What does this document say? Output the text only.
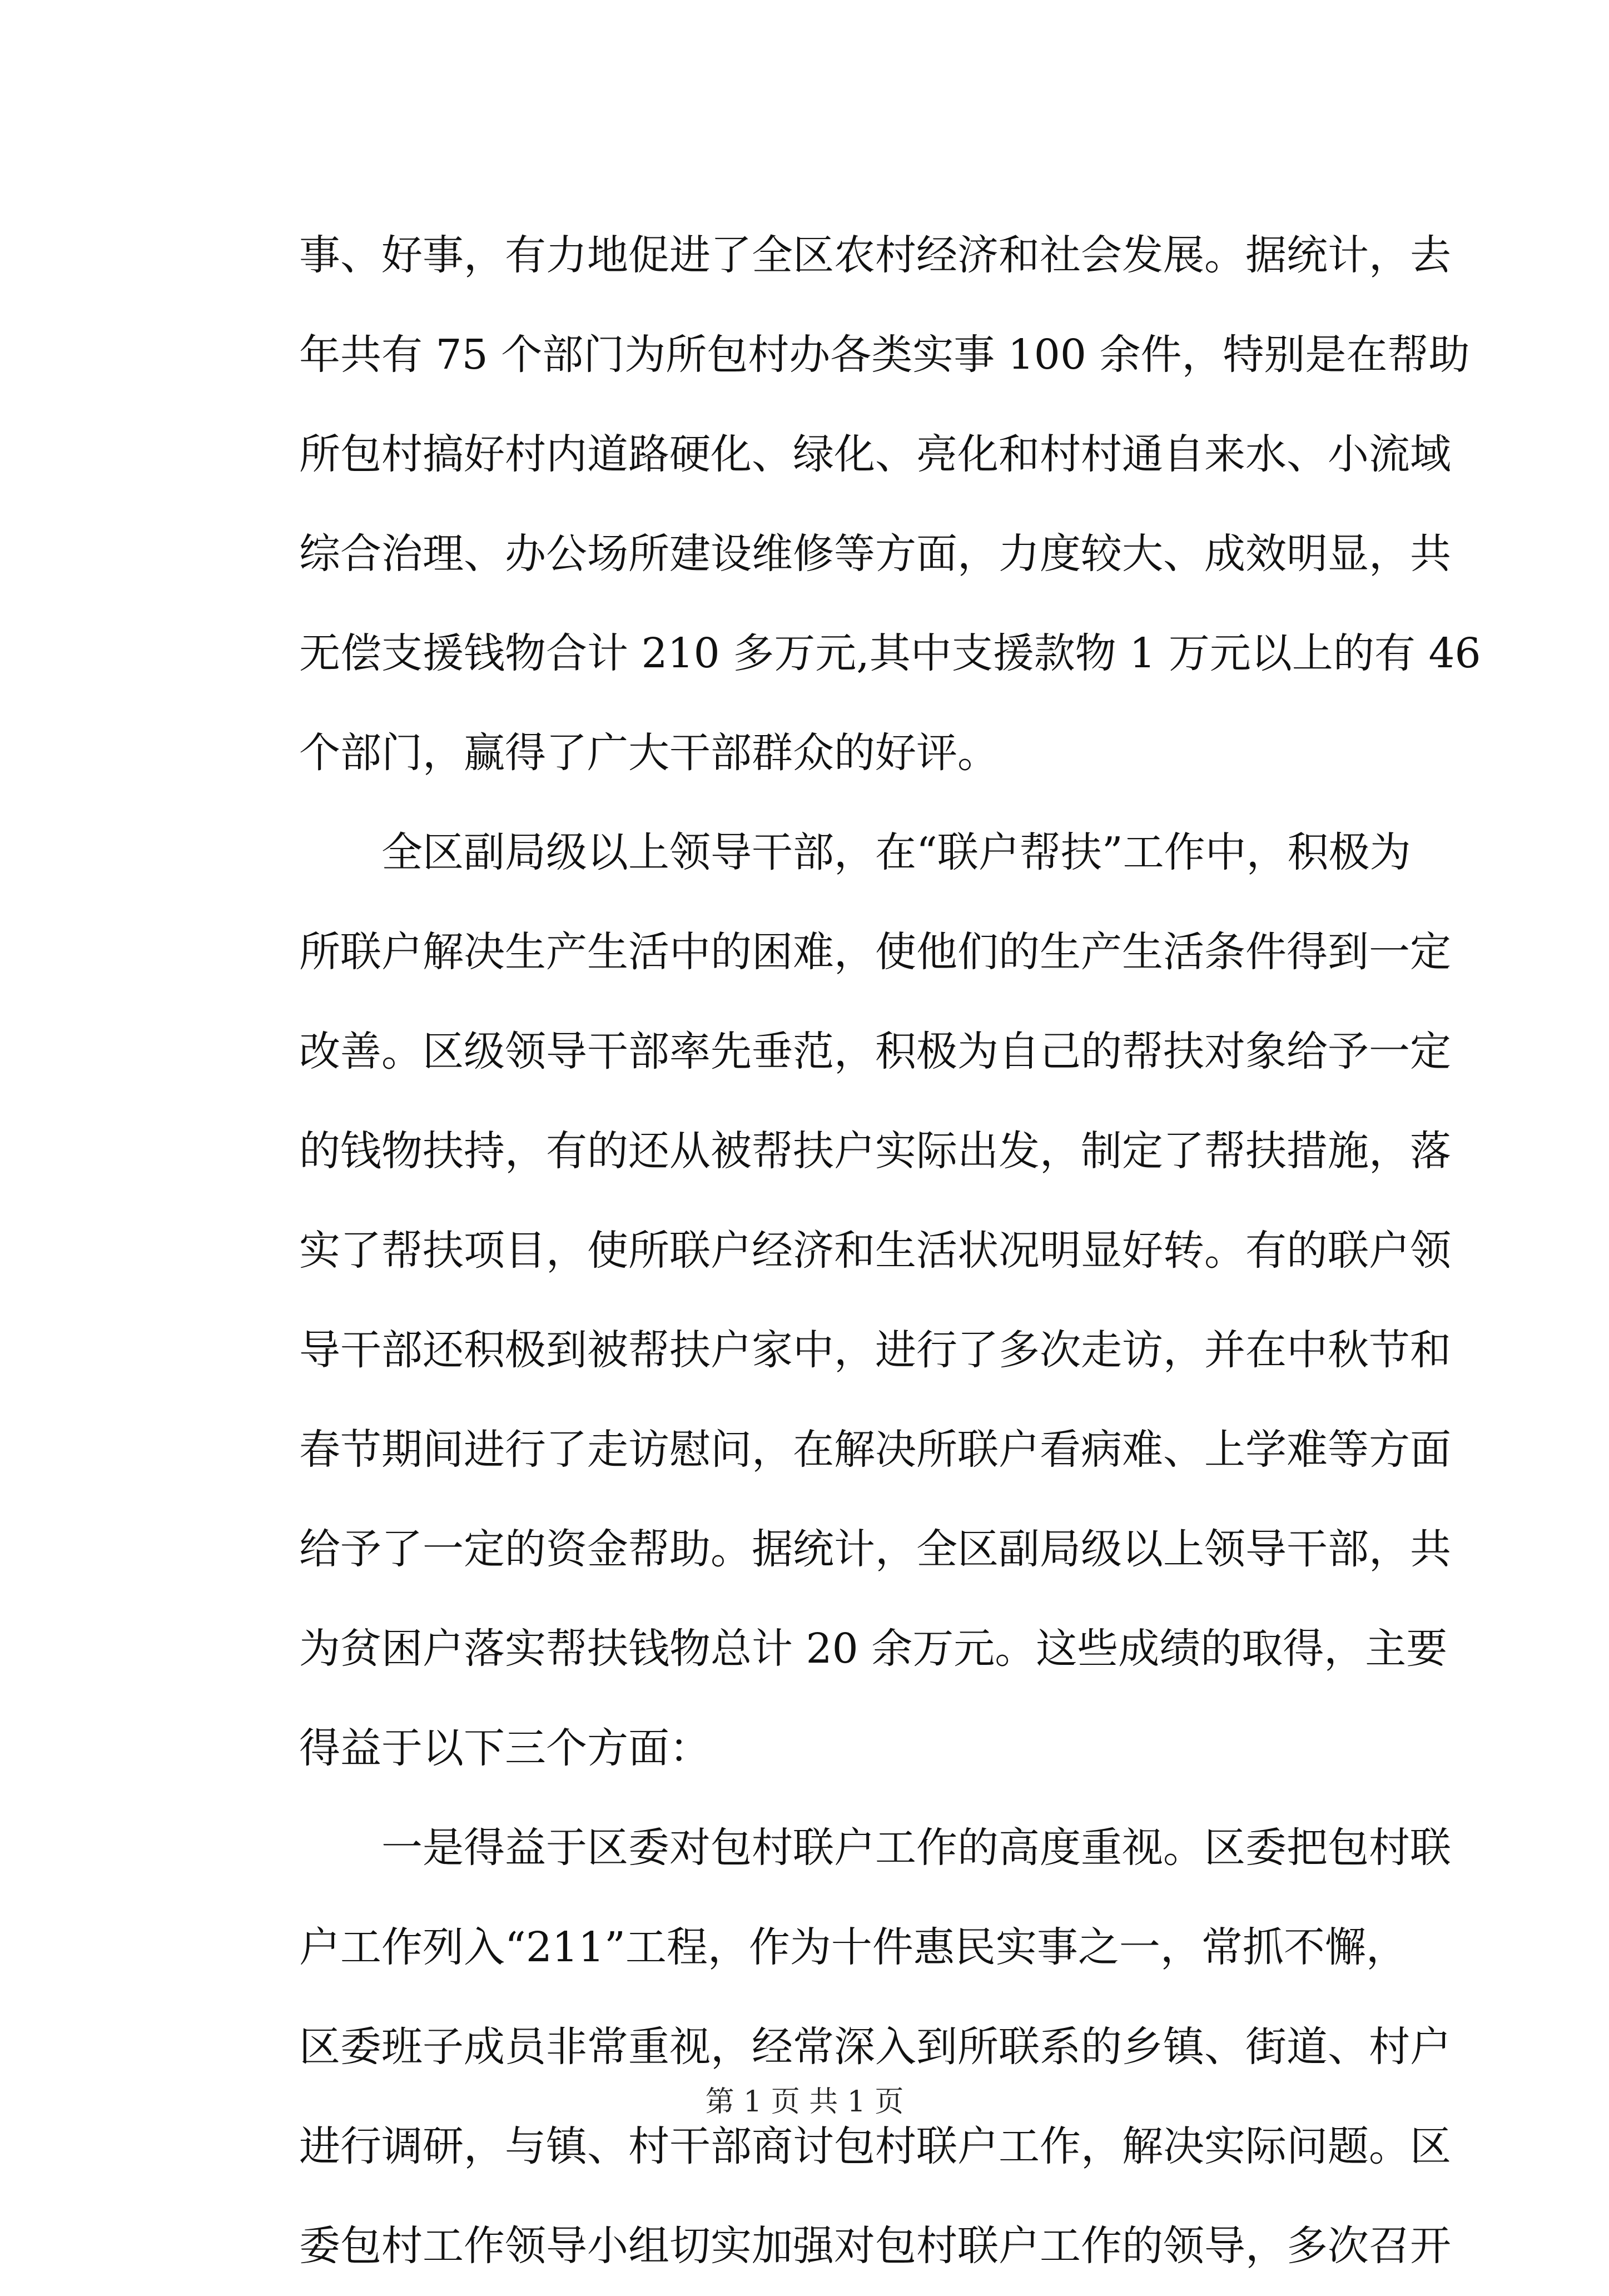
事、好事，有力地促进了全区农村经济和社会发展。据统计，去
年共有 75 个部门为所包村办各类实事 100 余件，特别是在帮助
所包村搞好村内道路硬化、绿化、亮化和村村通自来水、小流域
综合治理、办公场所建设维修等方面，力度较大、成效明显，共
无偿支援钱物合计 210 多万元,其中支援款物 1 万元以上的有 46
个部门，赢得了广大干部群众的好评。
全区副局级以上领导干部，在“联户帮扶”工作中，积极为
所联户解决生产生活中的困难，使他们的生产生活条件得到一定
改善。区级领导干部率先垂范，积极为自己的帮扶对象给予一定
的钱物扶持，有的还从被帮扶户实际出发，制定了帮扶措施，落
实了帮扶项目，使所联户经济和生活状况明显好转。有的联户领
导干部还积极到被帮扶户家中，进行了多次走访，并在中秋节和
春节期间进行了走访慰问，在解决所联户看病难、上学难等方面
给予了一定的资金帮助。据统计，全区副局级以上领导干部，共
为贫困户落实帮扶钱物总计 20 余万元。这些成绩的取得，主要
得益于以下三个方面：
一是得益于区委对包村联户工作的高度重视。区委把包村联
户工作列入“211”工程，作为十件惠民实事之一，常抓不懈，
区委班子成员非常重视，经常深入到所联系的乡镇、街道、村户
进行调研，与镇、村干部商讨包村联户工作，解决实际问题。区
委包村工作领导小组切实加强对包村联户工作的领导，多次召开
第 1 页 共 1 页
